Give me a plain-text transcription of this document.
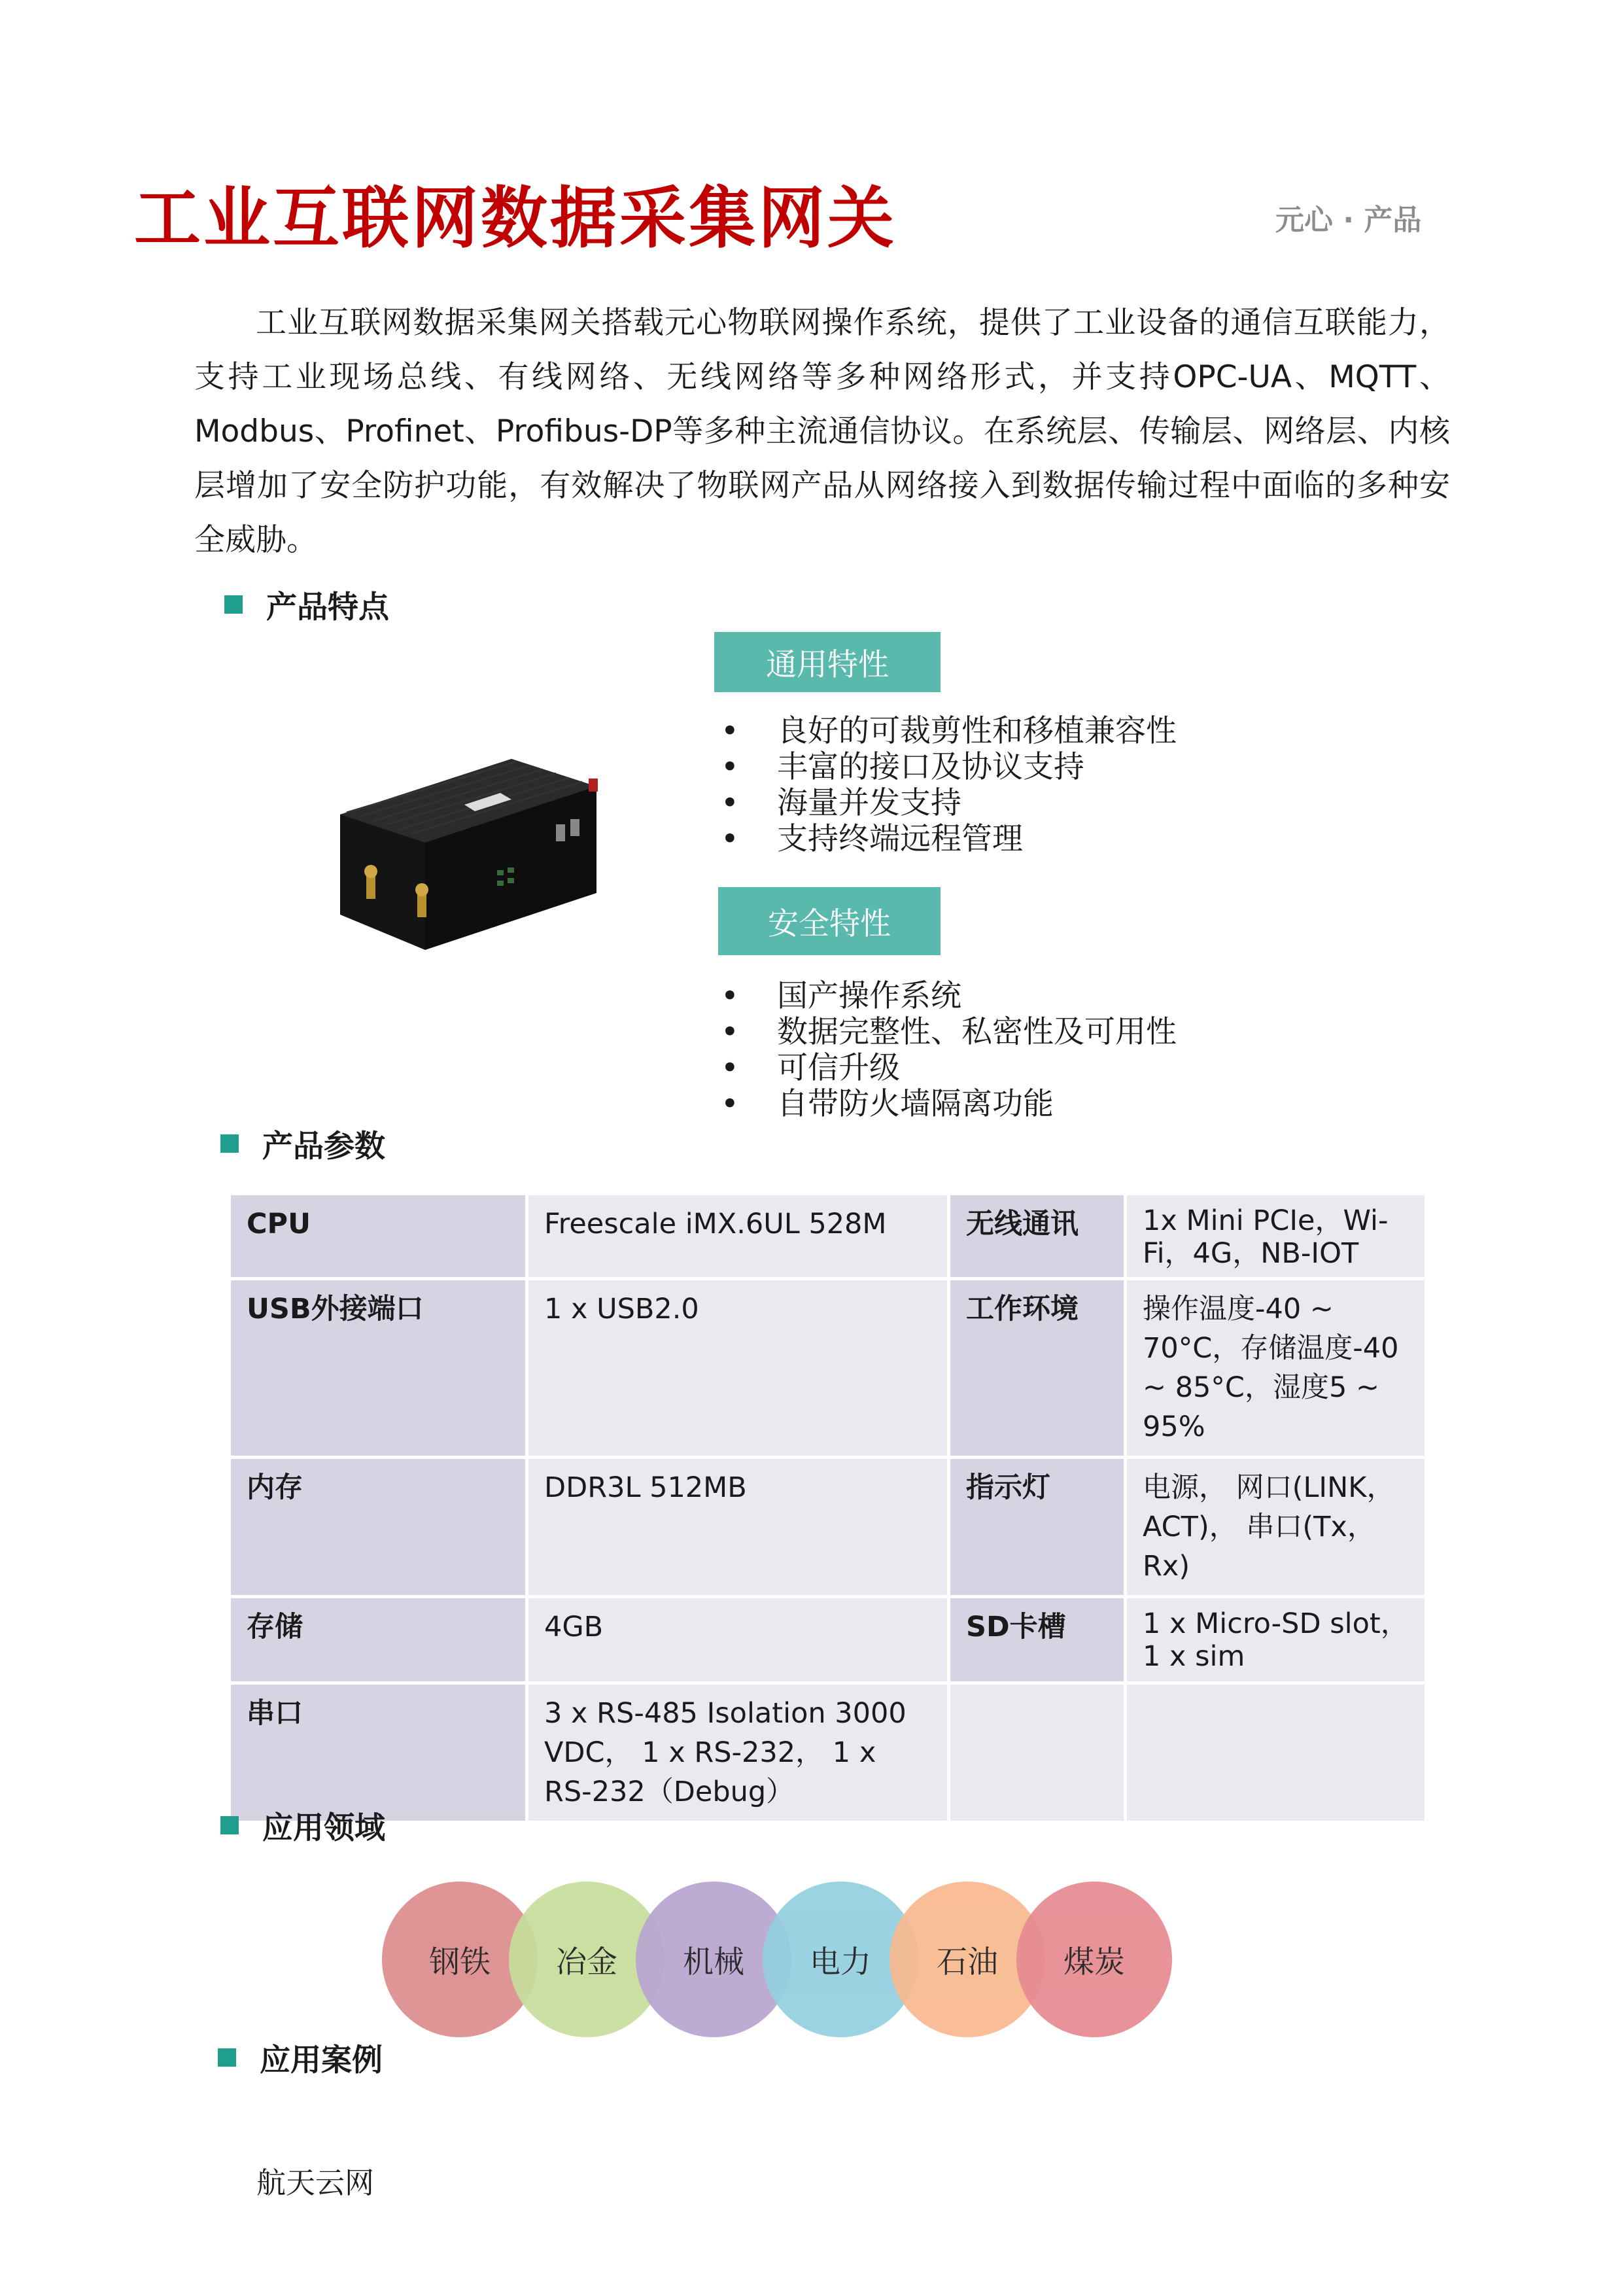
工业互联网数据采集网关	元心 · 产品

工业互联网数据采集网关搭载元心物联网操作系统，提供了工业设备的通信互联能力，支持工业现场总线、有线网络、无线网络等多种网络形式，并支持OPC-UA、MQTT、Modbus、Profinet、Profibus-DP等多种主流通信协议。在系统层、传输层、网络层、内核层增加了安全防护功能，有效解决了物联网产品从网络接入到数据传输过程中面临的多种安全威胁。

产品特点
通用特性
•	良好的可裁剪性和移植兼容性
•	丰富的接口及协议支持
•	海量并发支持
•	支持终端远程管理
安全特性
•	国产操作系统
•	数据完整性、私密性及可用性
•	可信升级
•	自带防火墙隔离功能
产品参数
CPU	Freescale iMX.6UL 528M	无线通讯	1x Mini PCIe，Wi-Fi，4G，NB-IOT
USB外接端口	1 x USB2.0	工作环境	操作温度-40 ~ 70°C，存储温度-40 ~ 85°C，湿度5 ~ 95%
内存	DDR3L 512MB	指示灯	电源， 网口(LINK，ACT)， 串口(Tx，Rx)
存储	4GB	SD卡槽	1 x Micro-SD slot，1 x sim
串口	3 x RS-485 Isolation 3000 VDC， 1 x RS-232， 1 x RS-232（Debug）		
应用领域
钢铁	冶金	机械	电力	石油	煤炭
应用案例
航天云网
